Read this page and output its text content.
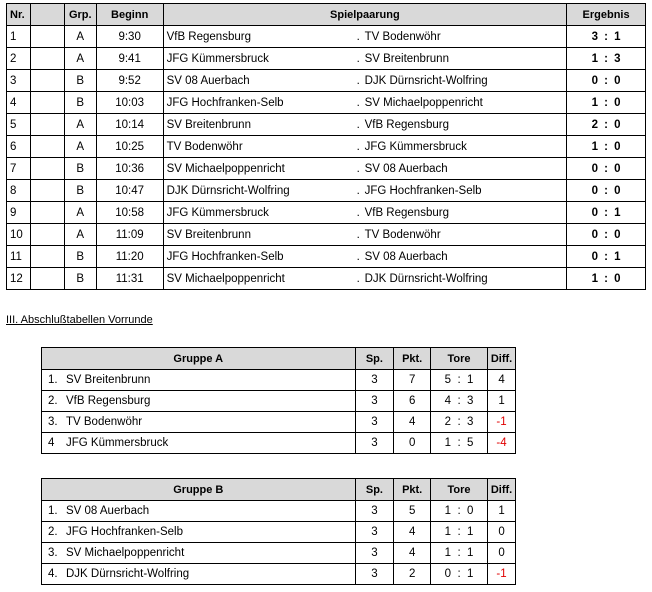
Nr.		Grp.	Beginn	Spielpaarung	Ergebnis
1		A	9:30	VfB Regensburg . TV Bodenwöhr	3 : 1
2		A	9:41	JFG Kümmersbruck . SV Breitenbrunn	1 : 3
3		B	9:52	SV 08 Auerbach . DJK Dürnsricht-Wolfring	0 : 0
4		B	10:03	JFG Hochfranken-Selb . SV Michaelpoppenricht	1 : 0
5		A	10:14	SV Breitenbrunn . VfB Regensburg	2 : 0
6		A	10:25	TV Bodenwöhr . JFG Kümmersbruck	1 : 0
7		B	10:36	SV Michaelpoppenricht . SV 08 Auerbach	0 : 0
8		B	10:47	DJK Dürnsricht-Wolfring . JFG Hochfranken-Selb	0 : 0
9		A	10:58	JFG Kümmersbruck . VfB Regensburg	0 : 1
10		A	11:09	SV Breitenbrunn . TV Bodenwöhr	0 : 0
11		B	11:20	JFG Hochfranken-Selb . SV 08 Auerbach	0 : 1
12		B	11:31	SV Michaelpoppenricht . DJK Dürnsricht-Wolfring	1 : 0
III. Abschlußtabellen Vorrunde
Gruppe A	Sp.	Pkt.	Tore	Diff.
1. SV Breitenbrunn	3	7	5 : 1	4
2. VfB Regensburg	3	6	4 : 3	1
3. TV Bodenwöhr	3	4	2 : 3	-1
4 JFG Kümmersbruck	3	0	1 : 5	-4
Gruppe B	Sp.	Pkt.	Tore	Diff.
1. SV 08 Auerbach	3	5	1 : 0	1
2. JFG Hochfranken-Selb	3	4	1 : 1	0
3. SV Michaelpoppenricht	3	4	1 : 1	0
4. DJK Dürnsricht-Wolfring	3	2	0 : 1	-1
